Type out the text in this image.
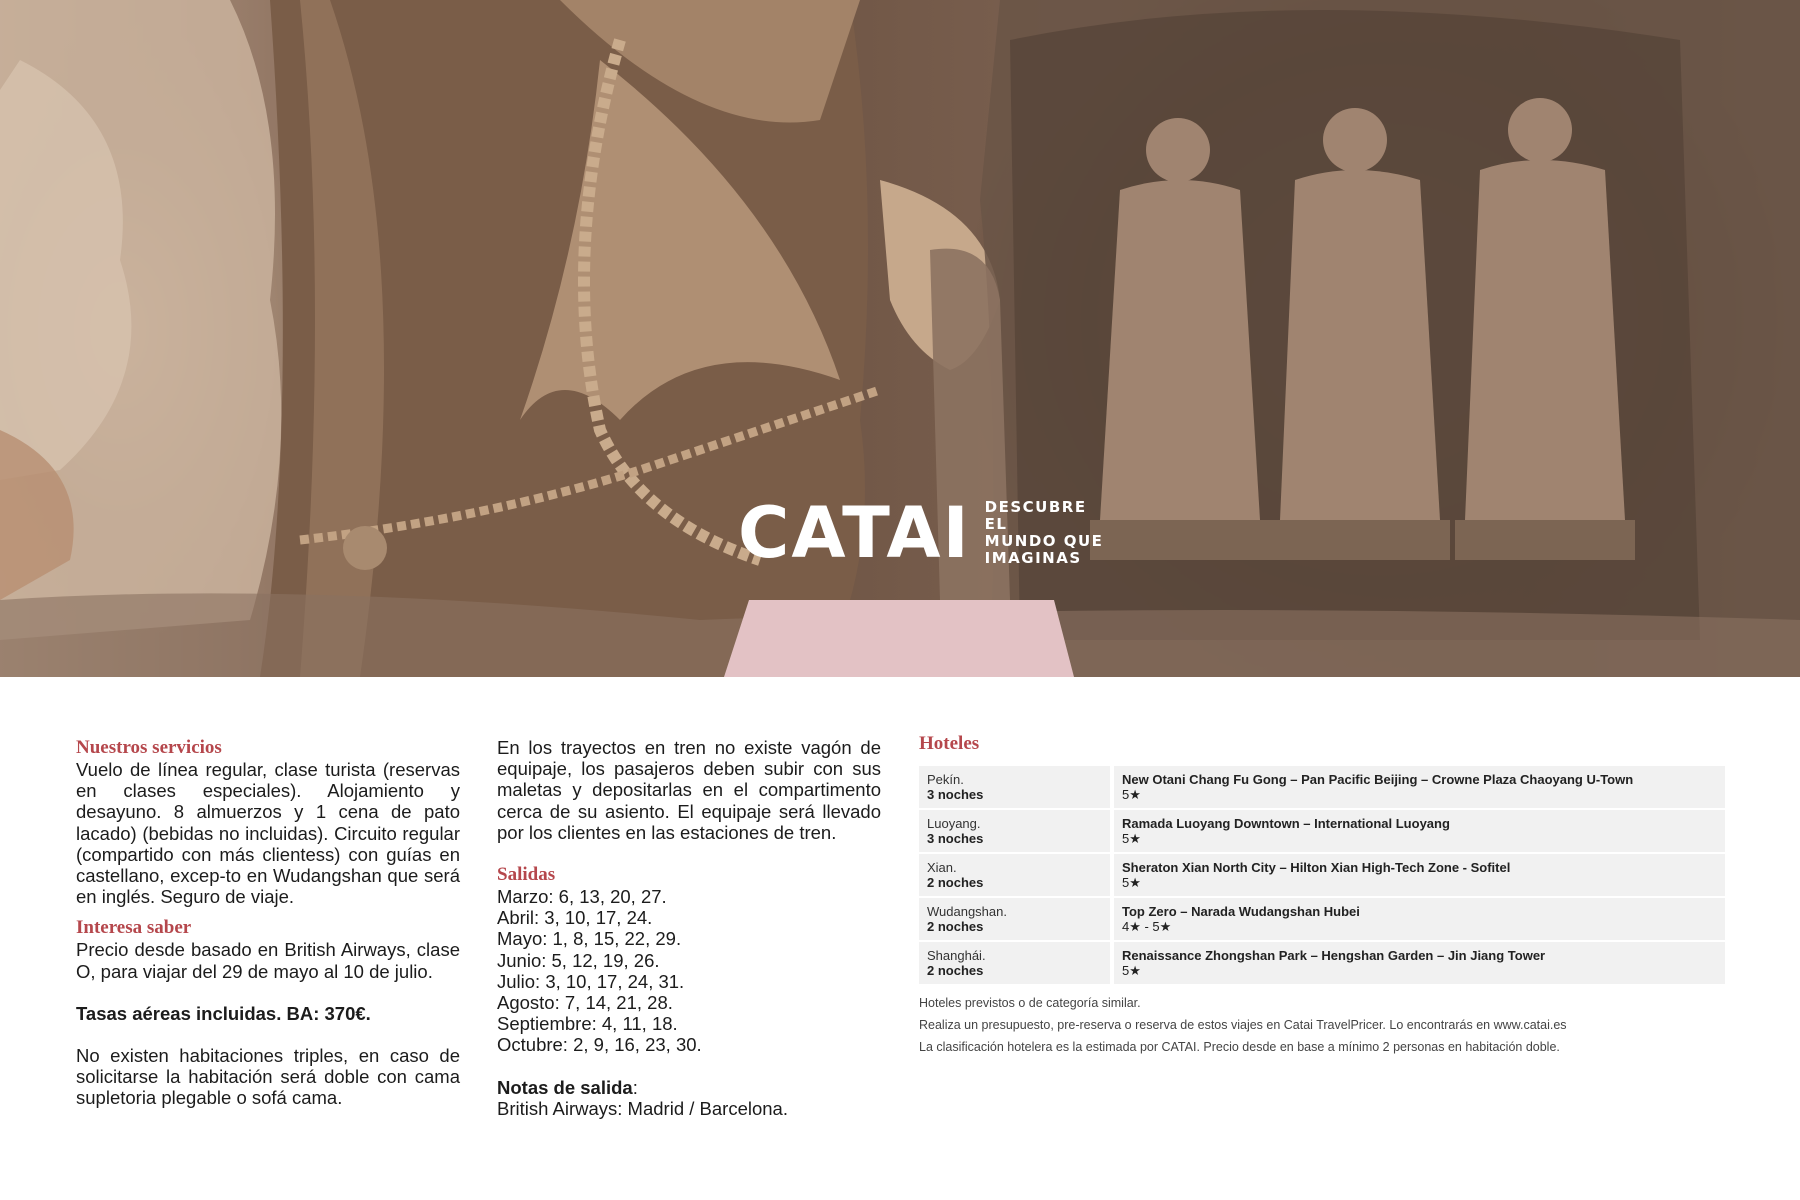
CATAI DESCUBRE EL
MUNDO QUE
IMAGINAS
Nuestros servicios

Vuelo de línea regular, clase turista (reservas en clases especiales). Alojamiento y desayuno. 8 almuerzos y 1 cena de pato lacado) (bebidas no incluidas). Circuito regular (compartido con más clientess) con guías en castellano, excep-to en Wudangshan que será en inglés. Seguro de viaje.

Interesa saber

Precio desde basado en British Airways, clase O, para viajar del 29 de mayo al 10 de julio.

Tasas aéreas incluidas. BA: 370€.

No existen habitaciones triples, en caso de solicitarse la habitación será doble con cama supletoria plegable o sofá cama.

En los trayectos en tren no existe vagón de equipaje, los pasajeros deben subir con sus maletas y depositarlas en el compartimento cerca de su asiento. El equipaje será llevado por los clientes en las estaciones de tren.

Salidas
Marzo: 6, 13, 20, 27.
Abril: 3, 10, 17, 24.
Mayo: 1, 8, 15, 22, 29.
Junio: 5, 12, 19, 26.
Julio: 3, 10, 17, 24, 31.
Agosto: 7, 14, 21, 28.
Septiembre: 4, 11, 18.
Octubre: 2, 9, 16, 23, 30.
Notas de salida:
British Airways: Madrid / Barcelona.
Hoteles
Pekín.
3 noches
New Otani Chang Fu Gong – Pan Pacific Beijing – Crowne Plaza Chaoyang U-Town
5★
Luoyang.
3 noches
Ramada Luoyang Downtown – International Luoyang
5★
Xian.
2 noches
Sheraton Xian North City – Hilton Xian High-Tech Zone - Sofitel
5★
Wudangshan.
2 noches
Top Zero – Narada Wudangshan Hubei
4★ - 5★
Shanghái.
2 noches
Renaissance Zhongshan Park – Hengshan Garden – Jin Jiang Tower
5★
Hoteles previstos o de categoría similar.
Realiza un presupuesto, pre-reserva o reserva de estos viajes en Catai TravelPricer. Lo encontrarás en www.catai.es
La clasificación hotelera es la estimada por CATAI. Precio desde en base a mínimo 2 personas en habitación doble.
